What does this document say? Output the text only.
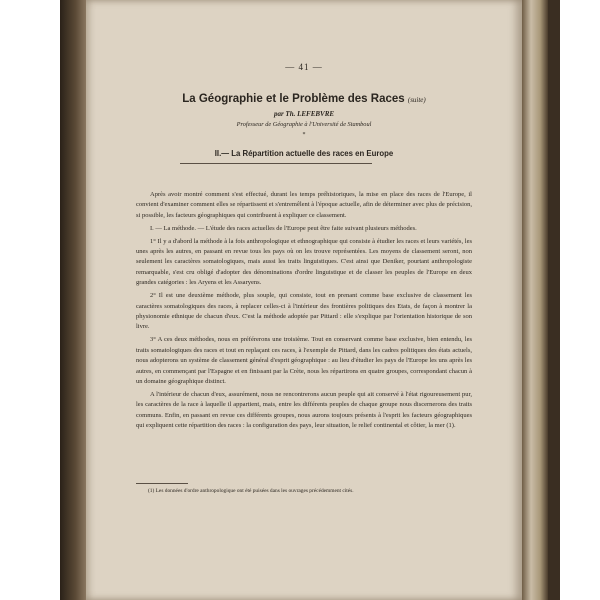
— 41 —
La Géographie et le Problème des Races (suite)
par Th. LEFEBVRE
Professeur de Géographie à l'Université de Stamboul
*
II.— La Répartition actuelle des races en Europe

Après avoir montré comment s'est effectué, durant les temps préhistoriques, la mise en place des races de l'Europe, il convient d'examiner comment elles se répartissent et s'entremêlent à l'époque actuelle, afin de déterminer avec plus de précision, si possible, les facteurs géographiques qui contribuent à expliquer ce classement.

I. — La méthode. — L'étude des races actuelles de l'Europe peut être faite suivant plusieurs méthodes.

1° Il y a d'abord la méthode à la fois anthropologique et ethnographique qui consiste à étudier les races et leurs variétés, les unes après les autres, en passant en revue tous les pays où on les trouve représentées. Les moyens de classement seront, non seulement les caractères somatologiques, mais aussi les traits linguistiques. C'est ainsi que Deniker, pourtant anthropologiste remarquable, s'est cru obligé d'adopter des dénominations d'ordre linguistique et de classer les peuples de l'Europe en deux grandes catégories : les Aryens et les Assaryens.

2° Il est une deuxième méthode, plus souple, qui consiste, tout en prenant comme base exclusive de classement les caractères somatologiques des races, à replacer celles-ci à l'intérieur des frontières politiques des Etats, de façon à montrer la physionomie ethnique de chacun d'eux. C'est la méthode adoptée par Pittard : elle s'explique par l'orientation historique de son livre.

3° A ces deux méthodes, nous en préférerons une troisième. Tout en conservant comme base exclusive, bien entendu, les traits somatologiques des races et tout en replaçant ces races, à l'exemple de Pittard, dans les cadres politiques des états actuels, nous adopterons un système de classement général d'esprit géographique : au lieu d'étudier les pays de l'Europe les uns après les autres, en commençant par l'Espagne et en finissant par la Crète, nous les répartirons en quatre groupes, correspondant chacun à un domaine géographique distinct.

A l'intérieur de chacun d'eux, assurément, nous ne rencontrerons aucun peuple qui ait conservé à l'état rigoureusement pur, les caractères de la race à laquelle il appartient, mais, entre les différents peuples de chaque groupe nous discernerons des traits communs. Enfin, en passant en revue ces différents groupes, nous aurons toujours présents à l'esprit les facteurs géographiques qui expliquent cette répartition des races : la configuration des pays, leur situation, le relief continental et côtier, la mer (1).

(1) Les données d'ordre anthropologique ont été puisées dans les ouvrages précédemment cités.
